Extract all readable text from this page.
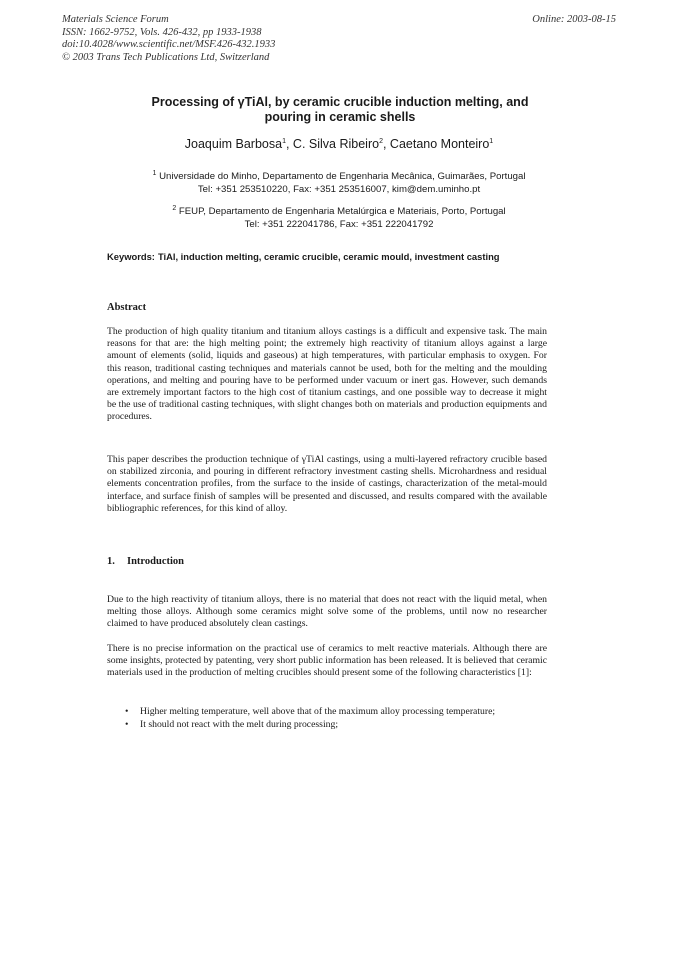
Materials Science Forum
ISSN: 1662-9752, Vols. 426-432, pp 1933-1938
doi:10.4028/www.scientific.net/MSF.426-432.1933
© 2003 Trans Tech Publications Ltd, Switzerland
Online: 2003-08-15
Processing of γTiAl, by ceramic crucible induction melting, and
pouring in ceramic shells
Joaquim Barbosa$^1$, C. Silva Ribeiro$^2$, Caetano Monteiro$^1$
$^1$ Universidade do Minho, Departamento de Engenharia Mecânica, Guimarães, Portugal
Tel: +351 253510220, Fax: +351 253516007, kim@dem.uminho.pt
$^2$ FEUP, Departamento de Engenharia Metalúrgica e Materiais, Porto, Portugal
Tel: +351 222041786, Fax: +351 222041792
Keywords: TiAl, induction melting, ceramic crucible, ceramic mould, investment casting
Abstract
The production of high quality titanium and titanium alloys castings is a difficult and expensive task. The main reasons for that are: the high melting point; the extremely high reactivity of titanium alloys against a large amount of elements (solid, liquids and gaseous) at high temperatures, with particular emphasis to oxygen. For this reason, traditional casting techniques and materials cannot be used, both for the melting and the moulding operations, and melting and pouring have to be performed under vacuum or inert gas. However, such demands are extremely important factors to the high cost of titanium castings, and one possible way to decrease it might be the use of traditional casting techniques, with slight changes both on materials and production equipments and procedures.
This paper describes the production technique of γTiAl castings, using a multi-layered refractory crucible based on stabilized zirconia, and pouring in different refractory investment casting shells. Microhardness and residual elements concentration profiles, from the surface to the inside of castings, characterization of the metal-mould interface, and surface finish of samples will be presented and discussed, and results compared with the available bibliographic references, for this kind of alloy.
1. Introduction
Due to the high reactivity of titanium alloys, there is no material that does not react with the liquid metal, when melting those alloys. Although some ceramics might solve some of the problems, until now no researcher claimed to have produced absolutely clean castings.
There is no precise information on the practical use of ceramics to melt reactive materials. Although there are some insights, protected by patenting, very short public information has been released. It is believed that ceramic materials used in the production of melting crucibles should present some of the following characteristics [1]:
• Higher melting temperature, well above that of the maximum alloy processing temperature;
• It should not react with the melt during processing;
